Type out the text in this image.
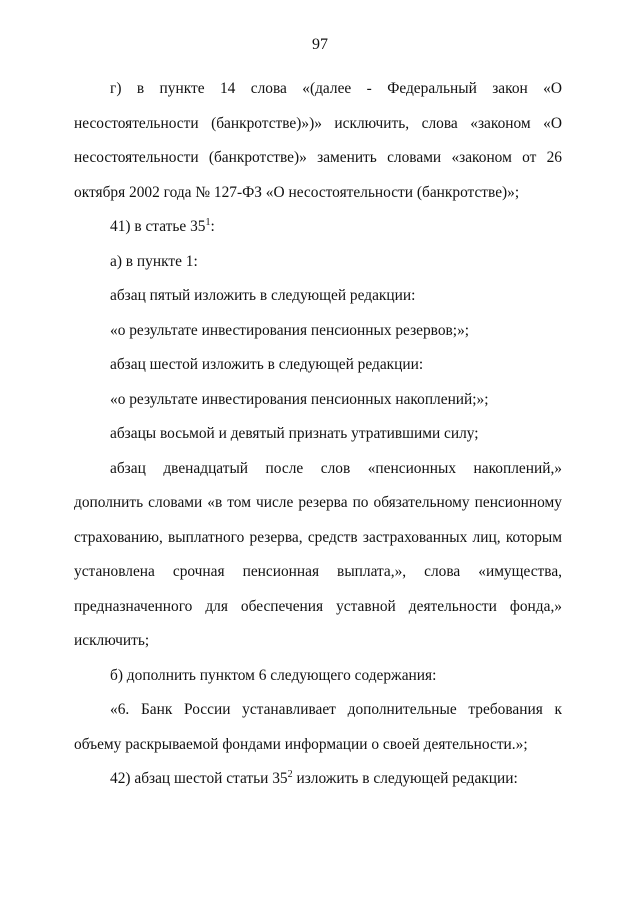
97

г) в пункте 14 слова «(далее - Федеральный закон «О несостоятельности (банкротстве)»)» исключить, слова «законом «О несостоятельности (банкротстве)» заменить словами «законом от 26 октября 2002 года № 127-ФЗ «О несостоятельности (банкротстве)»;

41) в статье $35^1$:

а) в пункте 1:

абзац пятый изложить в следующей редакции:

«о результате инвестирования пенсионных резервов;»;

абзац шестой изложить в следующей редакции:

«о результате инвестирования пенсионных накоплений;»;

абзацы восьмой и девятый признать утратившими силу;

абзац двенадцатый после слов «пенсионных накоплений,» дополнить словами «в том числе резерва по обязательному пенсионному страхованию, выплатного резерва, средств застрахованных лиц, которым установлена срочная пенсионная выплата,», слова «имущества, предназначенного для обеспечения уставной деятельности фонда,» исключить;

б) дополнить пунктом 6 следующего содержания:

«6. Банк России устанавливает дополнительные требования к объему раскрываемой фондами информации о своей деятельности.»;

42) абзац шестой статьи $35^2$ изложить в следующей редакции:
